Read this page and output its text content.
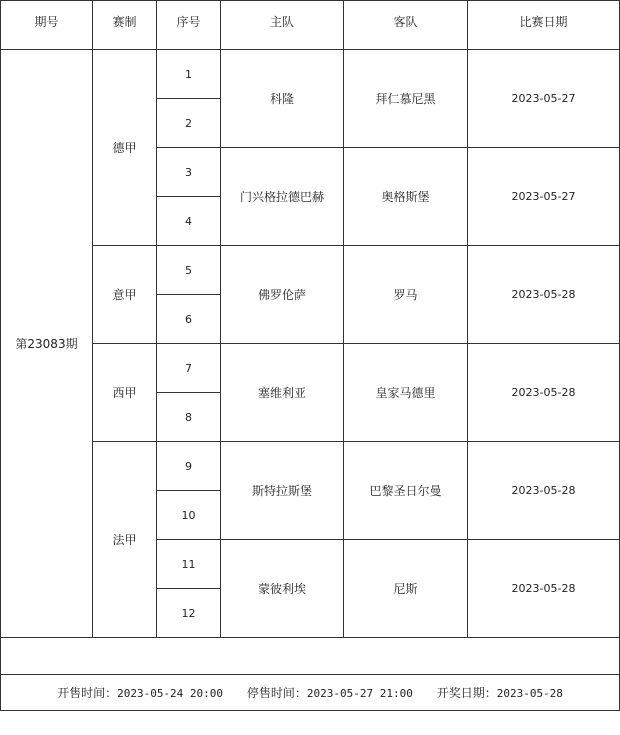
期号	赛制	序号	主队	客队	比赛日期
第23083期	德甲	1	科隆	拜仁慕尼黑	2023-05-27
		2			
		3	门兴格拉德巴赫	奥格斯堡	2023-05-27
		4			
	意甲	5	佛罗伦萨	罗马	2023-05-28
		6			
	西甲	7	塞维利亚	皇家马德里	2023-05-28
		8			
	法甲	9	斯特拉斯堡	巴黎圣日尔曼	2023-05-28
		10			
		11	蒙彼利埃	尼斯	2023-05-28
		12			

开售时间：2023-05-24 20:00 停售时间：2023-05-27 21:00 开奖日期：2023-05-28					
